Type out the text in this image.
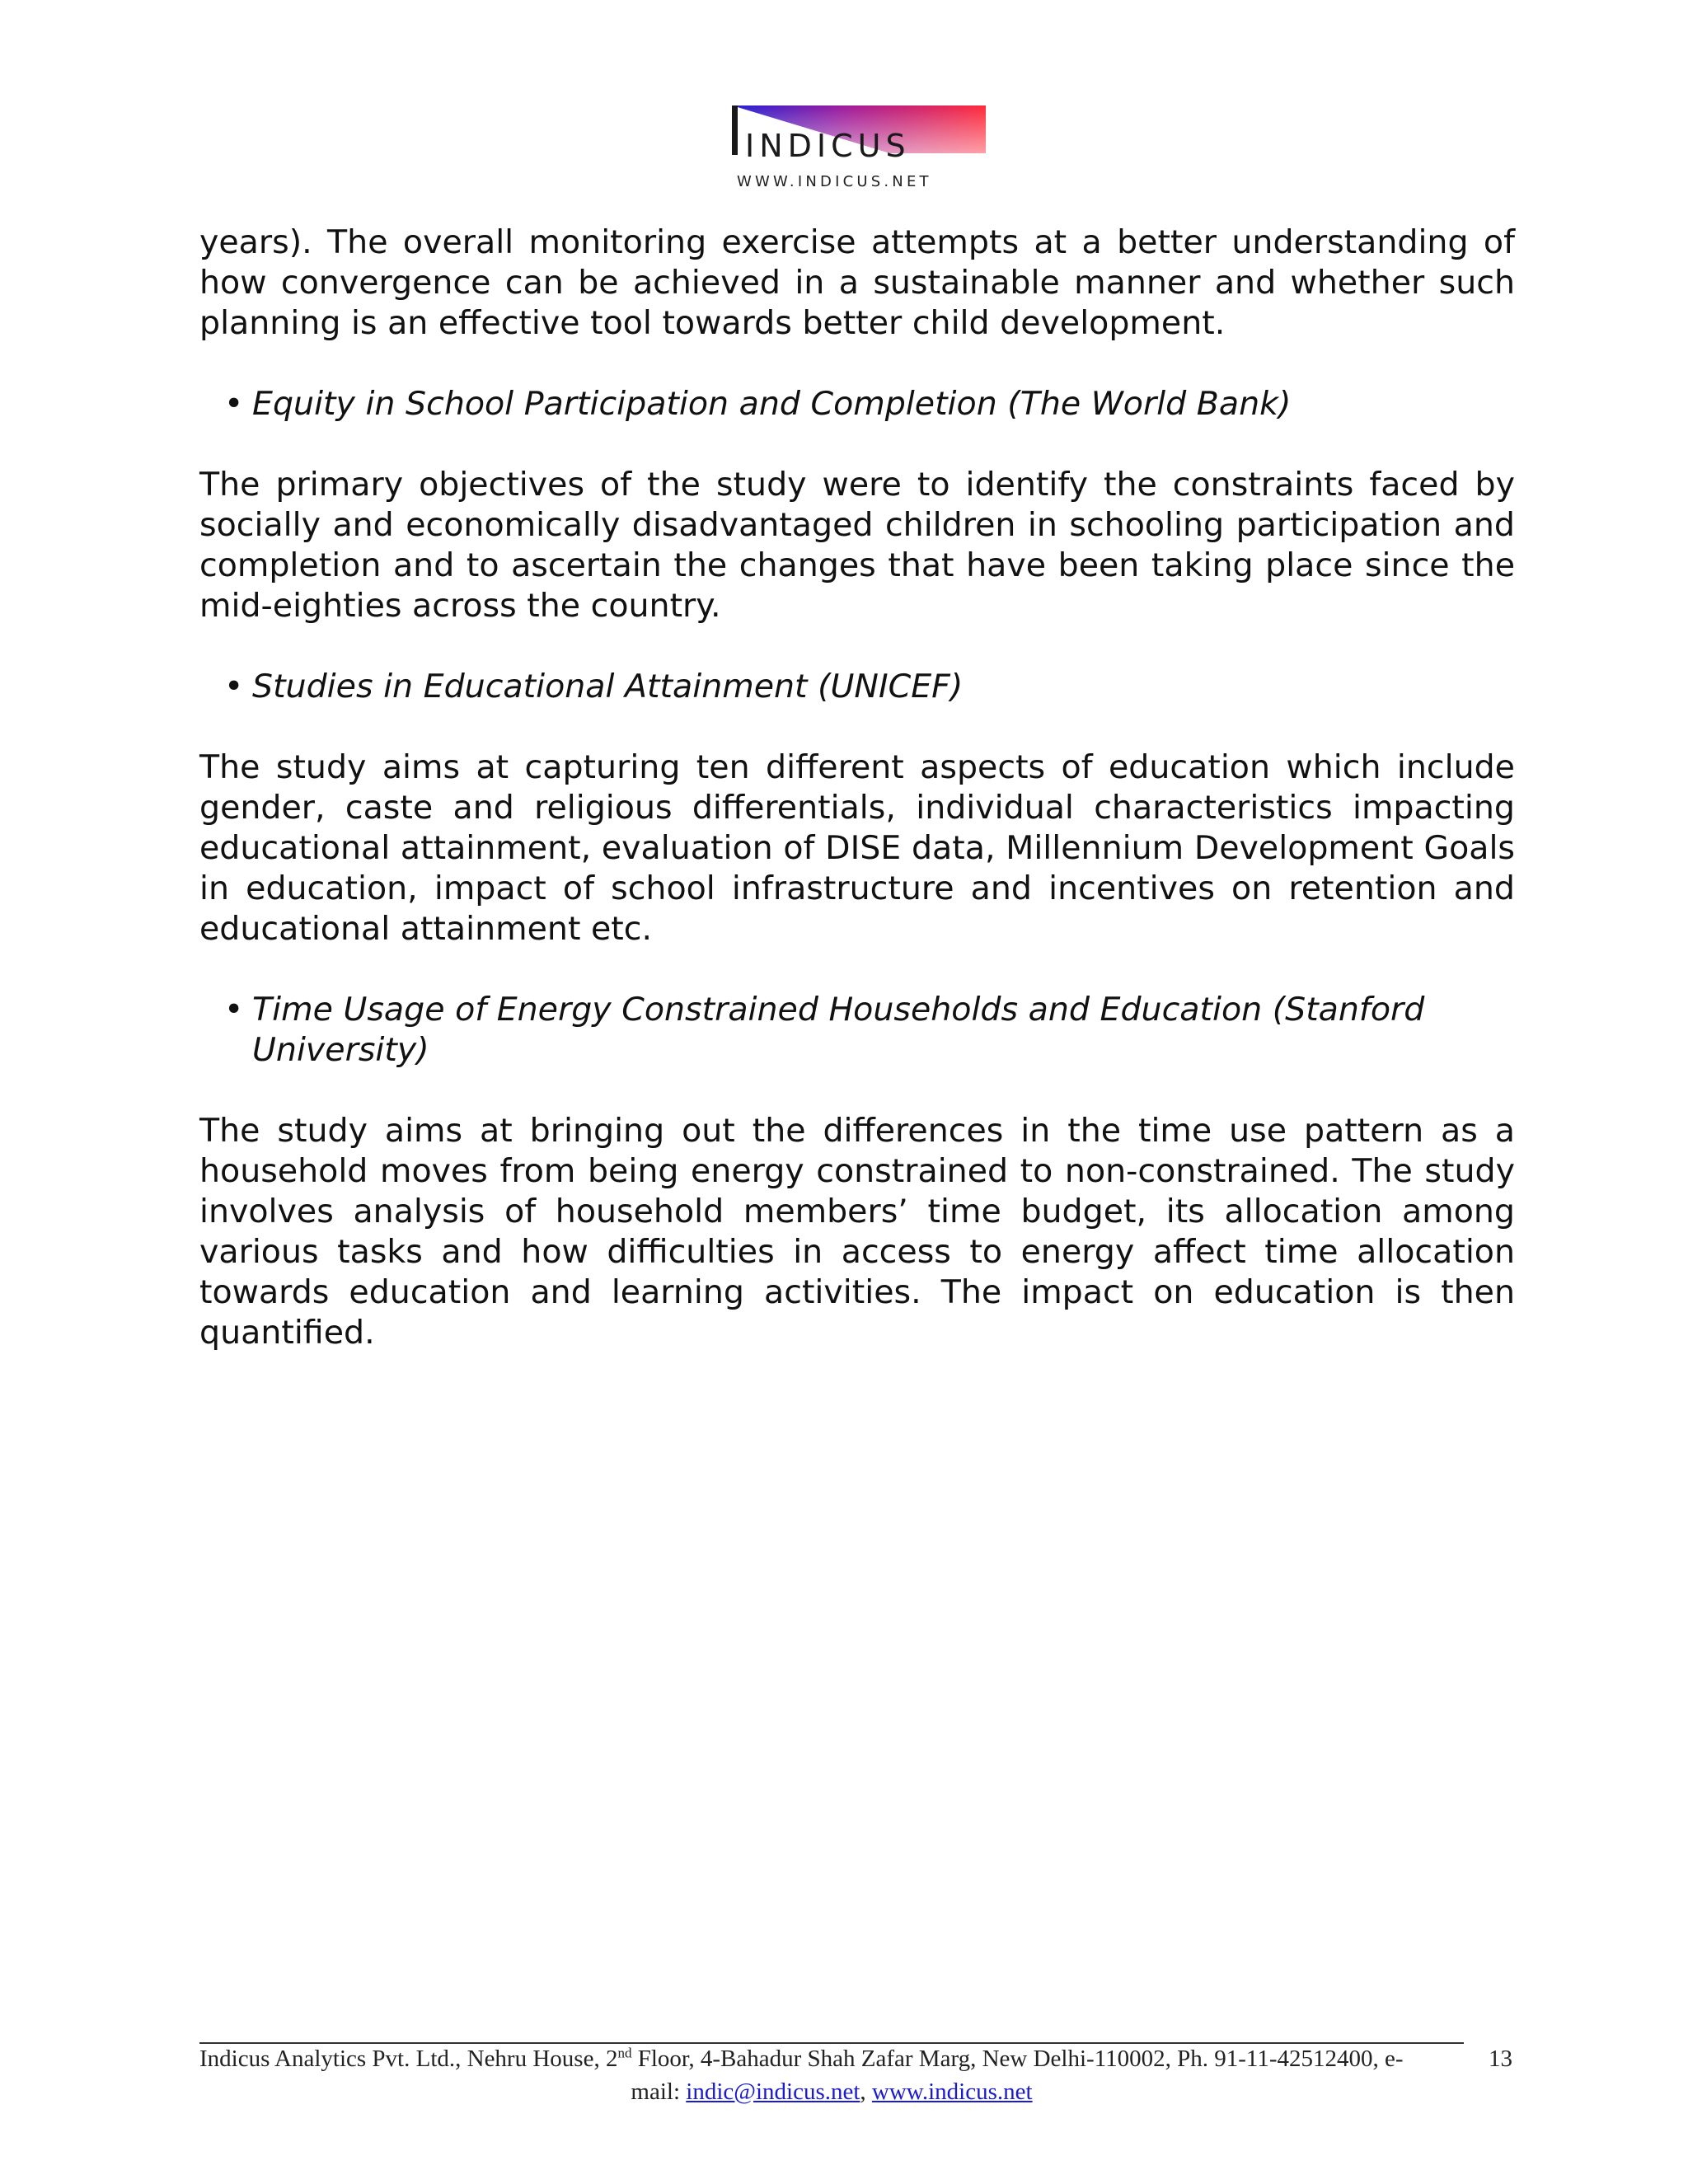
INDICUS
WWW.INDICUS.NET

years). The overall monitoring exercise attempts at a better understanding of how convergence can be achieved in a sustainable manner and whether such planning is an effective tool towards better child development.

• Equity in School Participation and Completion (The World Bank)

The primary objectives of the study were to identify the constraints faced by socially and economically disadvantaged children in schooling participation and completion and to ascertain the changes that have been taking place since the mid-eighties across the country.

• Studies in Educational Attainment (UNICEF)

The study aims at capturing ten different aspects of education which include gender, caste and religious differentials, individual characteristics impacting educational attainment, evaluation of DISE data, Millennium Development Goals in education, impact of school infrastructure and incentives on retention and educational attainment etc.

• Time Usage of Energy Constrained Households and Education (Stanford University)

The study aims at bringing out the differences in the time use pattern as a household moves from being energy constrained to non-constrained. The study involves analysis of household members’ time budget, its allocation among various tasks and how difficulties in access to energy affect time allocation towards education and learning activities. The impact on education is then quantified.

Indicus Analytics Pvt. Ltd., Nehru House, 2nd Floor, 4-Bahadur Shah Zafar Marg, New Delhi-110002, Ph. 91-11-42512400, e-
mail: indic@indicus.net, www.indicus.net
13
